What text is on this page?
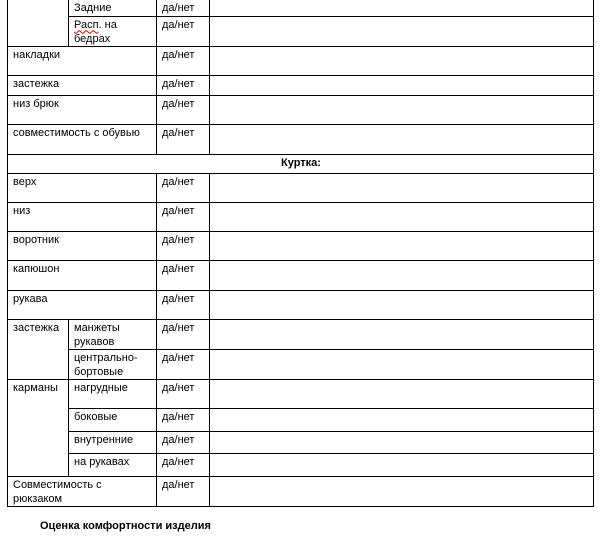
	Задние	да/нет	
	Расп. на бедрах	да/нет	
накладки		да/нет	
застежка		да/нет	
низ брюк		да/нет	
совместимость с обувью		да/нет	
Куртка:			
верх		да/нет	
низ		да/нет	
воротник		да/нет	
капюшон		да/нет	
рукава		да/нет	
застежка	манжеты рукавов	да/нет	
	центрально-бортовые	да/нет	
карманы	нагрудные	да/нет	
	боковые	да/нет	
	внутренние	да/нет	
	на рукавах	да/нет	
Совместимость с рюкзаком		да/нет	
Оценка комфортности изделия
